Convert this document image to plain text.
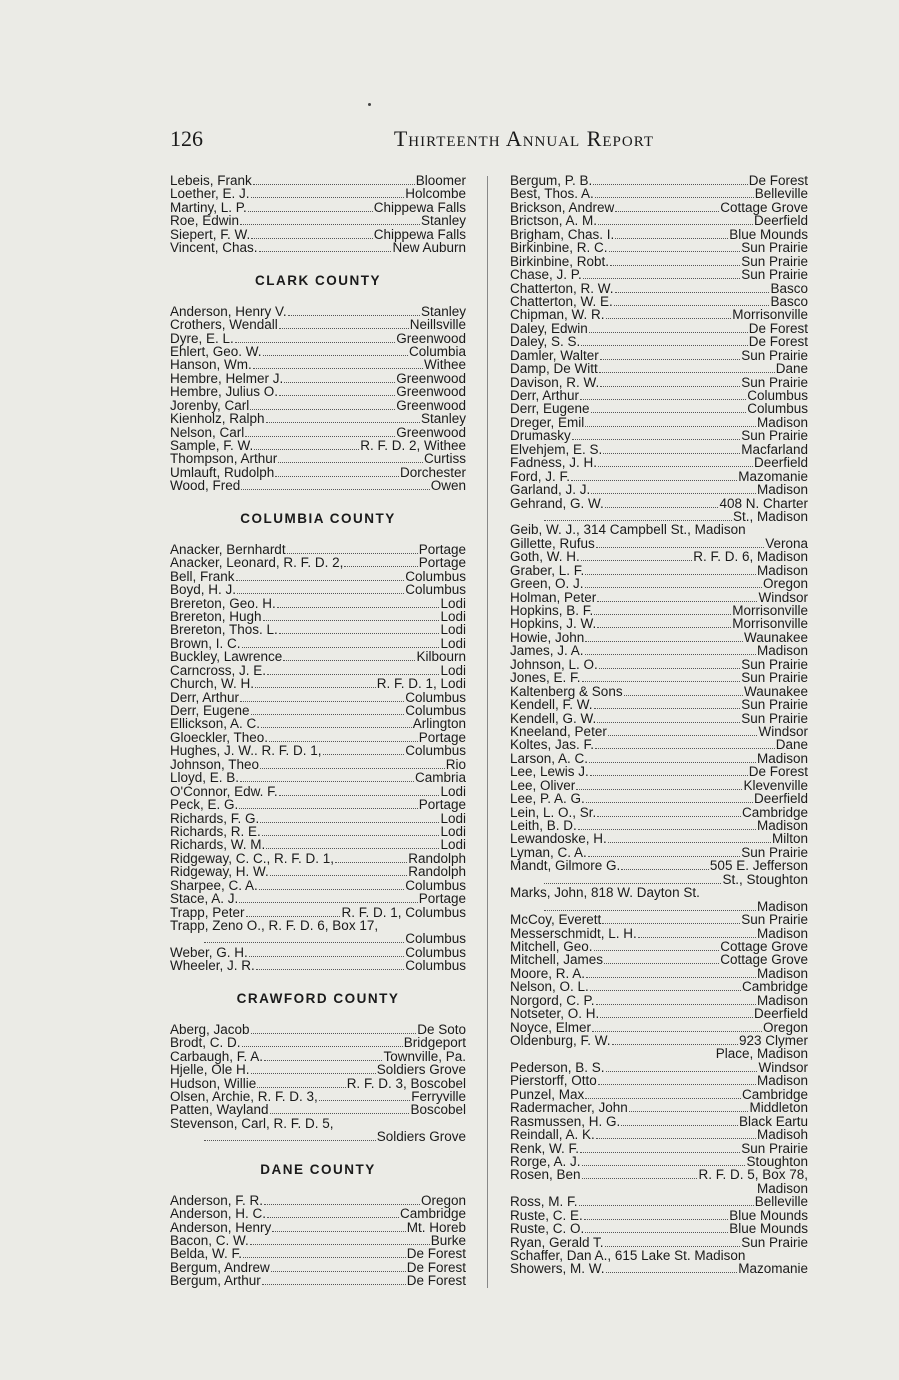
126	Thirteenth Annual Report
Lebeis, Frank	Bloomer
Loether, E. J.	Holcombe
Martiny, L. P.	Chippewa Falls
Roe, Edwin	Stanley
Siepert, F. W.	Chippewa Falls
Vincent, Chas.	New Auburn
CLARK COUNTY
Anderson, Henry V.	Stanley
Crothers, Wendall	Neillsville
Dyre, E. L.	Greenwood
Ehlert, Geo. W.	Columbia
Hanson, Wm.	Withee
Hembre, Helmer J.	Greenwood
Hembre, Julius O.	Greenwood
Jorenby, Carl	Greenwood
Kienholz, Ralph	Stanley
Nelson, Carl	Greenwood
Sample, F. W.	R. F. D. 2, Withee
Thompson, Arthur	Curtiss
Umlauft, Rudolph	Dorchester
Wood, Fred	Owen
COLUMBIA COUNTY
Anacker, Bernhardt	Portage
Anacker, Leonard, R. F. D. 2,	Portage
Bell, Frank	Columbus
Boyd, H. J.	Columbus
Brereton, Geo. H.	Lodi
Brereton, Hugh	Lodi
Brereton, Thos. L.	Lodi
Brown, I. C.	Lodi
Buckley, Lawrence	Kilbourn
Carncross, J. E.	Lodi
Church, W. H.	R. F. D. 1, Lodi
Derr, Arthur	Columbus
Derr, Eugene	Columbus
Ellickson, A. C.	Arlington
Gloeckler, Theo.	Portage
Hughes, J. W.. R. F. D. 1,	Columbus
Johnson, Theo	Rio
Lloyd, E. B.	Cambria
O'Connor, Edw. F.	Lodi
Peck, E. G.	Portage
Richards, F. G.	Lodi
Richards, R. E.	Lodi
Richards, W. M.	Lodi
Ridgeway, C. C., R. F. D. 1,	Randolph
Ridgeway, H. W.	Randolph
Sharpee, C. A.	Columbus
Stace, A. J.	Portage
Trapp, Peter	R. F. D. 1, Columbus
Trapp, Zeno O., R. F. D. 6, Box 17,
Columbus
Weber, G. H.	Columbus
Wheeler, J. R.	Columbus
CRAWFORD COUNTY
Aberg, Jacob	De Soto
Brodt, C. D.	Bridgeport
Carbaugh, F. A.	Townville, Pa.
Hjelle, Ole H.	Soldiers Grove
Hudson, Willie	R. F. D. 3, Boscobel
Olsen, Archie, R. F. D. 3,	Ferryville
Patten, Wayland	Boscobel
Stevenson, Carl, R. F. D. 5,
Soldiers Grove
DANE COUNTY
Anderson, F. R.	Oregon
Anderson, H. C.	Cambridge
Anderson, Henry	Mt. Horeb
Bacon, C. W.	Burke
Belda, W. F.	De Forest
Bergum, Andrew	De Forest
Bergum, Arthur	De Forest
Bergum, P. B.	De Forest
Best, Thos. A.	Belleville
Brickson, Andrew	Cottage Grove
Brictson, A. M.	Deerfield
Brigham, Chas. I.	Blue Mounds
Birkinbine, R. C.	Sun Prairie
Birkinbine, Robt.	Sun Prairie
Chase, J. P.	Sun Prairie
Chatterton, R. W.	Basco
Chatterton, W. E.	Basco
Chipman, W. R.	Morrisonville
Daley, Edwin	De Forest
Daley, S. S.	De Forest
Damler, Walter	Sun Prairie
Damp, De Witt	Dane
Davison, R. W.	Sun Prairie
Derr, Arthur	Columbus
Derr, Eugene	Columbus
Dreger, Emil	Madison
Drumasky	Sun Prairie
Elvehjem, E. S.	Macfarland
Fadness, J. H.	Deerfield
Ford, J. F.	Mazomanie
Garland, J. J.	Madison
Gehrand, G. W.	408 N. Charter
St., Madison
Geib, W. J., 314 Campbell St., Madison
Gillette, Rufus	Verona
Goth, W. H.	R. F. D. 6, Madison
Graber, L. F.	Madison
Green, O. J.	Oregon
Holman, Peter	Windsor
Hopkins, B. F.	Morrisonville
Hopkins, J. W.	Morrisonville
Howie, John	Waunakee
James, J. A.	Madison
Johnson, L. O.	Sun Prairie
Jones, E. F.	Sun Prairie
Kaltenberg & Sons	Waunakee
Kendell, F. W.	Sun Prairie
Kendell, G. W.	Sun Prairie
Kneeland, Peter	Windsor
Koltes, Jas. F.	Dane
Larson, A. C.	Madison
Lee, Lewis J.	De Forest
Lee, Oliver	Klevenville
Lee, P. A. G.	Deerfield
Lein, L. O., Sr.	Cambridge
Leith, B. D.	Madison
Lewandoske, H.	Milton
Lyman, C. A.	Sun Prairie
Mandt, Gilmore G.	505 E. Jefferson
St., Stoughton
Marks, John, 818 W. Dayton St.
Madison
McCoy, Everett	Sun Prairie
Messerschmidt, L. H.	Madison
Mitchell, Geo.	Cottage Grove
Mitchell, James	Cottage Grove
Moore, R. A.	Madison
Nelson, O. L.	Cambridge
Norgord, C. P.	Madison
Notseter, O. H.	Deerfield
Noyce, Elmer	Oregon
Oldenburg, F. W.	923 Clymer
Place, Madison
Pederson, B. S.	Windsor
Pierstorff, Otto	Madison
Punzel, Max	Cambridge
Radermacher, John	Middleton
Rasmussen, H. G.	Black Eartu
Reindall, A. K.	Madisoh
Renk, W. F.	Sun Prairie
Rorge, A. J.	Stoughton
Rosen, Ben	R. F. D. 5, Box 78,
Madison
Ross, M. F.	Belleville
Ruste, C. E.	Blue Mounds
Ruste, C. O.	Blue Mounds
Ryan, Gerald T.	Sun Prairie
Schaffer, Dan A., 615 Lake St. Madison
Showers, M. W.	Mazomanie
